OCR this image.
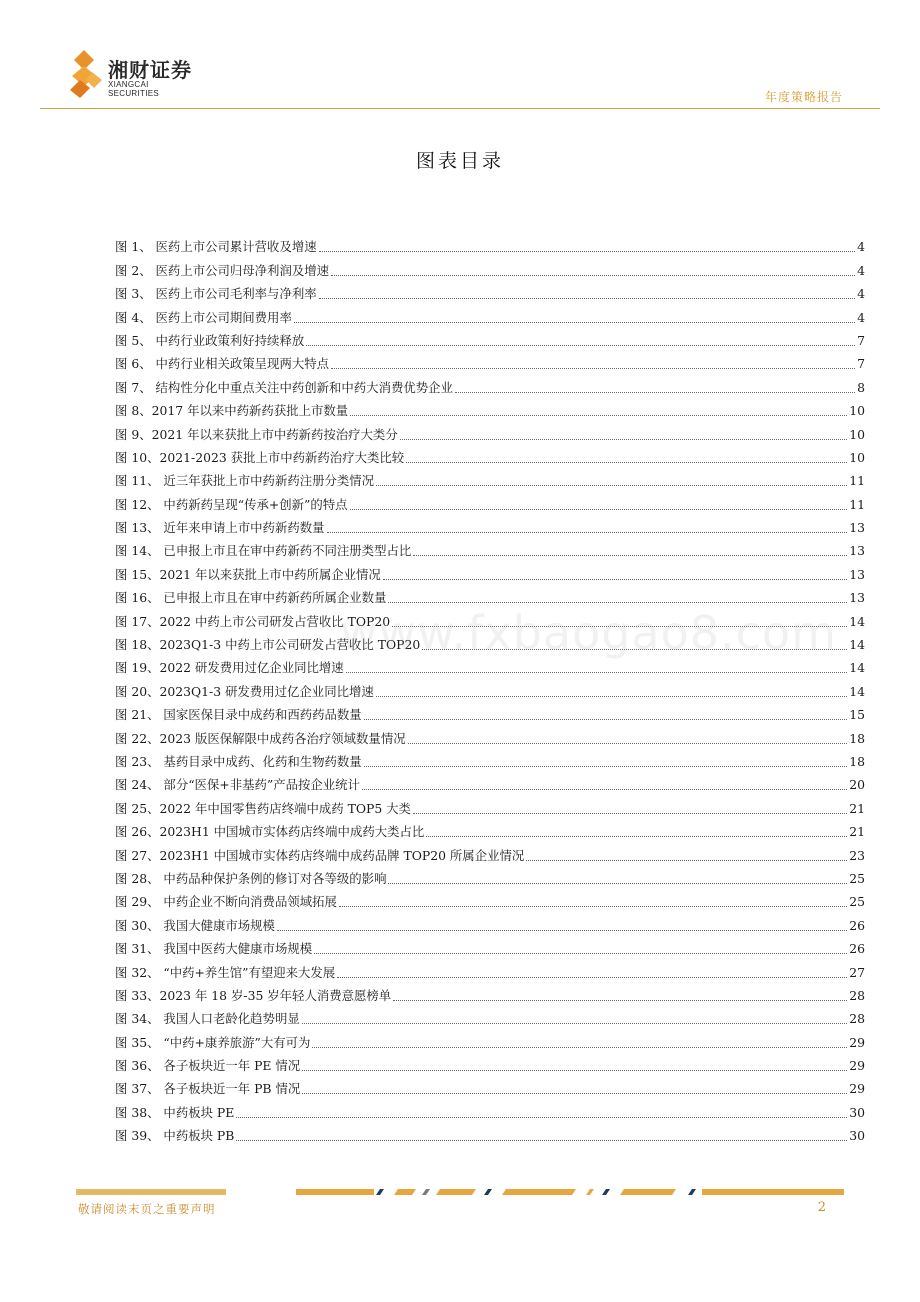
湘财证券
XIANGCAI SECURITIES	年度策略报告
图表目录
图 1、 医药上市公司累计营收及增速	4
图 2、 医药上市公司归母净利润及增速	4
图 3、 医药上市公司毛利率与净利率	4
图 4、 医药上市公司期间费用率	4
图 5、 中药行业政策利好持续释放	7
图 6、 中药行业相关政策呈现两大特点	7
图 7、 结构性分化中重点关注中药创新和中药大消费优势企业	8
图 8、2017 年以来中药新药获批上市数量	10
图 9、2021 年以来获批上市中药新药按治疗大类分	10
图 10、2021-2023 获批上市中药新药治疗大类比较	10
图 11、 近三年获批上市中药新药注册分类情况	11
图 12、 中药新药呈现“传承+创新”的特点	11
图 13、 近年来申请上市中药新药数量	13
图 14、 已申报上市且在审中药新药不同注册类型占比	13
图 15、2021 年以来获批上市中药所属企业情况	13
图 16、 已申报上市且在审中药新药所属企业数量	13
图 17、2022 中药上市公司研发占营收比 TOP20	14
图 18、2023Q1-3 中药上市公司研发占营收比 TOP20	14
图 19、2022 研发费用过亿企业同比增速	14
图 20、2023Q1-3 研发费用过亿企业同比增速	14
图 21、 国家医保目录中成药和西药药品数量	15
图 22、2023 版医保解限中成药各治疗领域数量情况	18
图 23、 基药目录中成药、化药和生物药数量	18
图 24、 部分“医保+非基药”产品按企业统计	20
图 25、2022 年中国零售药店终端中成药 TOP5 大类	21
图 26、2023H1 中国城市实体药店终端中成药大类占比	21
图 27、2023H1 中国城市实体药店终端中成药品牌 TOP20 所属企业情况	23
图 28、 中药品种保护条例的修订对各等级的影响	25
图 29、 中药企业不断向消费品领域拓展	25
图 30、 我国大健康市场规模	26
图 31、 我国中医药大健康市场规模	26
图 32、 “中药+养生馆”有望迎来大发展	27
图 33、2023 年 18 岁-35 岁年轻人消费意愿榜单	28
图 34、 我国人口老龄化趋势明显	28
图 35、 “中药+康养旅游”大有可为	29
图 36、 各子板块近一年 PE 情况	29
图 37、 各子板块近一年 PB 情况	29
图 38、 中药板块 PE	30
图 39、 中药板块 PB	30
www.fxbaogao8.com
敬请阅读末页之重要声明	2
